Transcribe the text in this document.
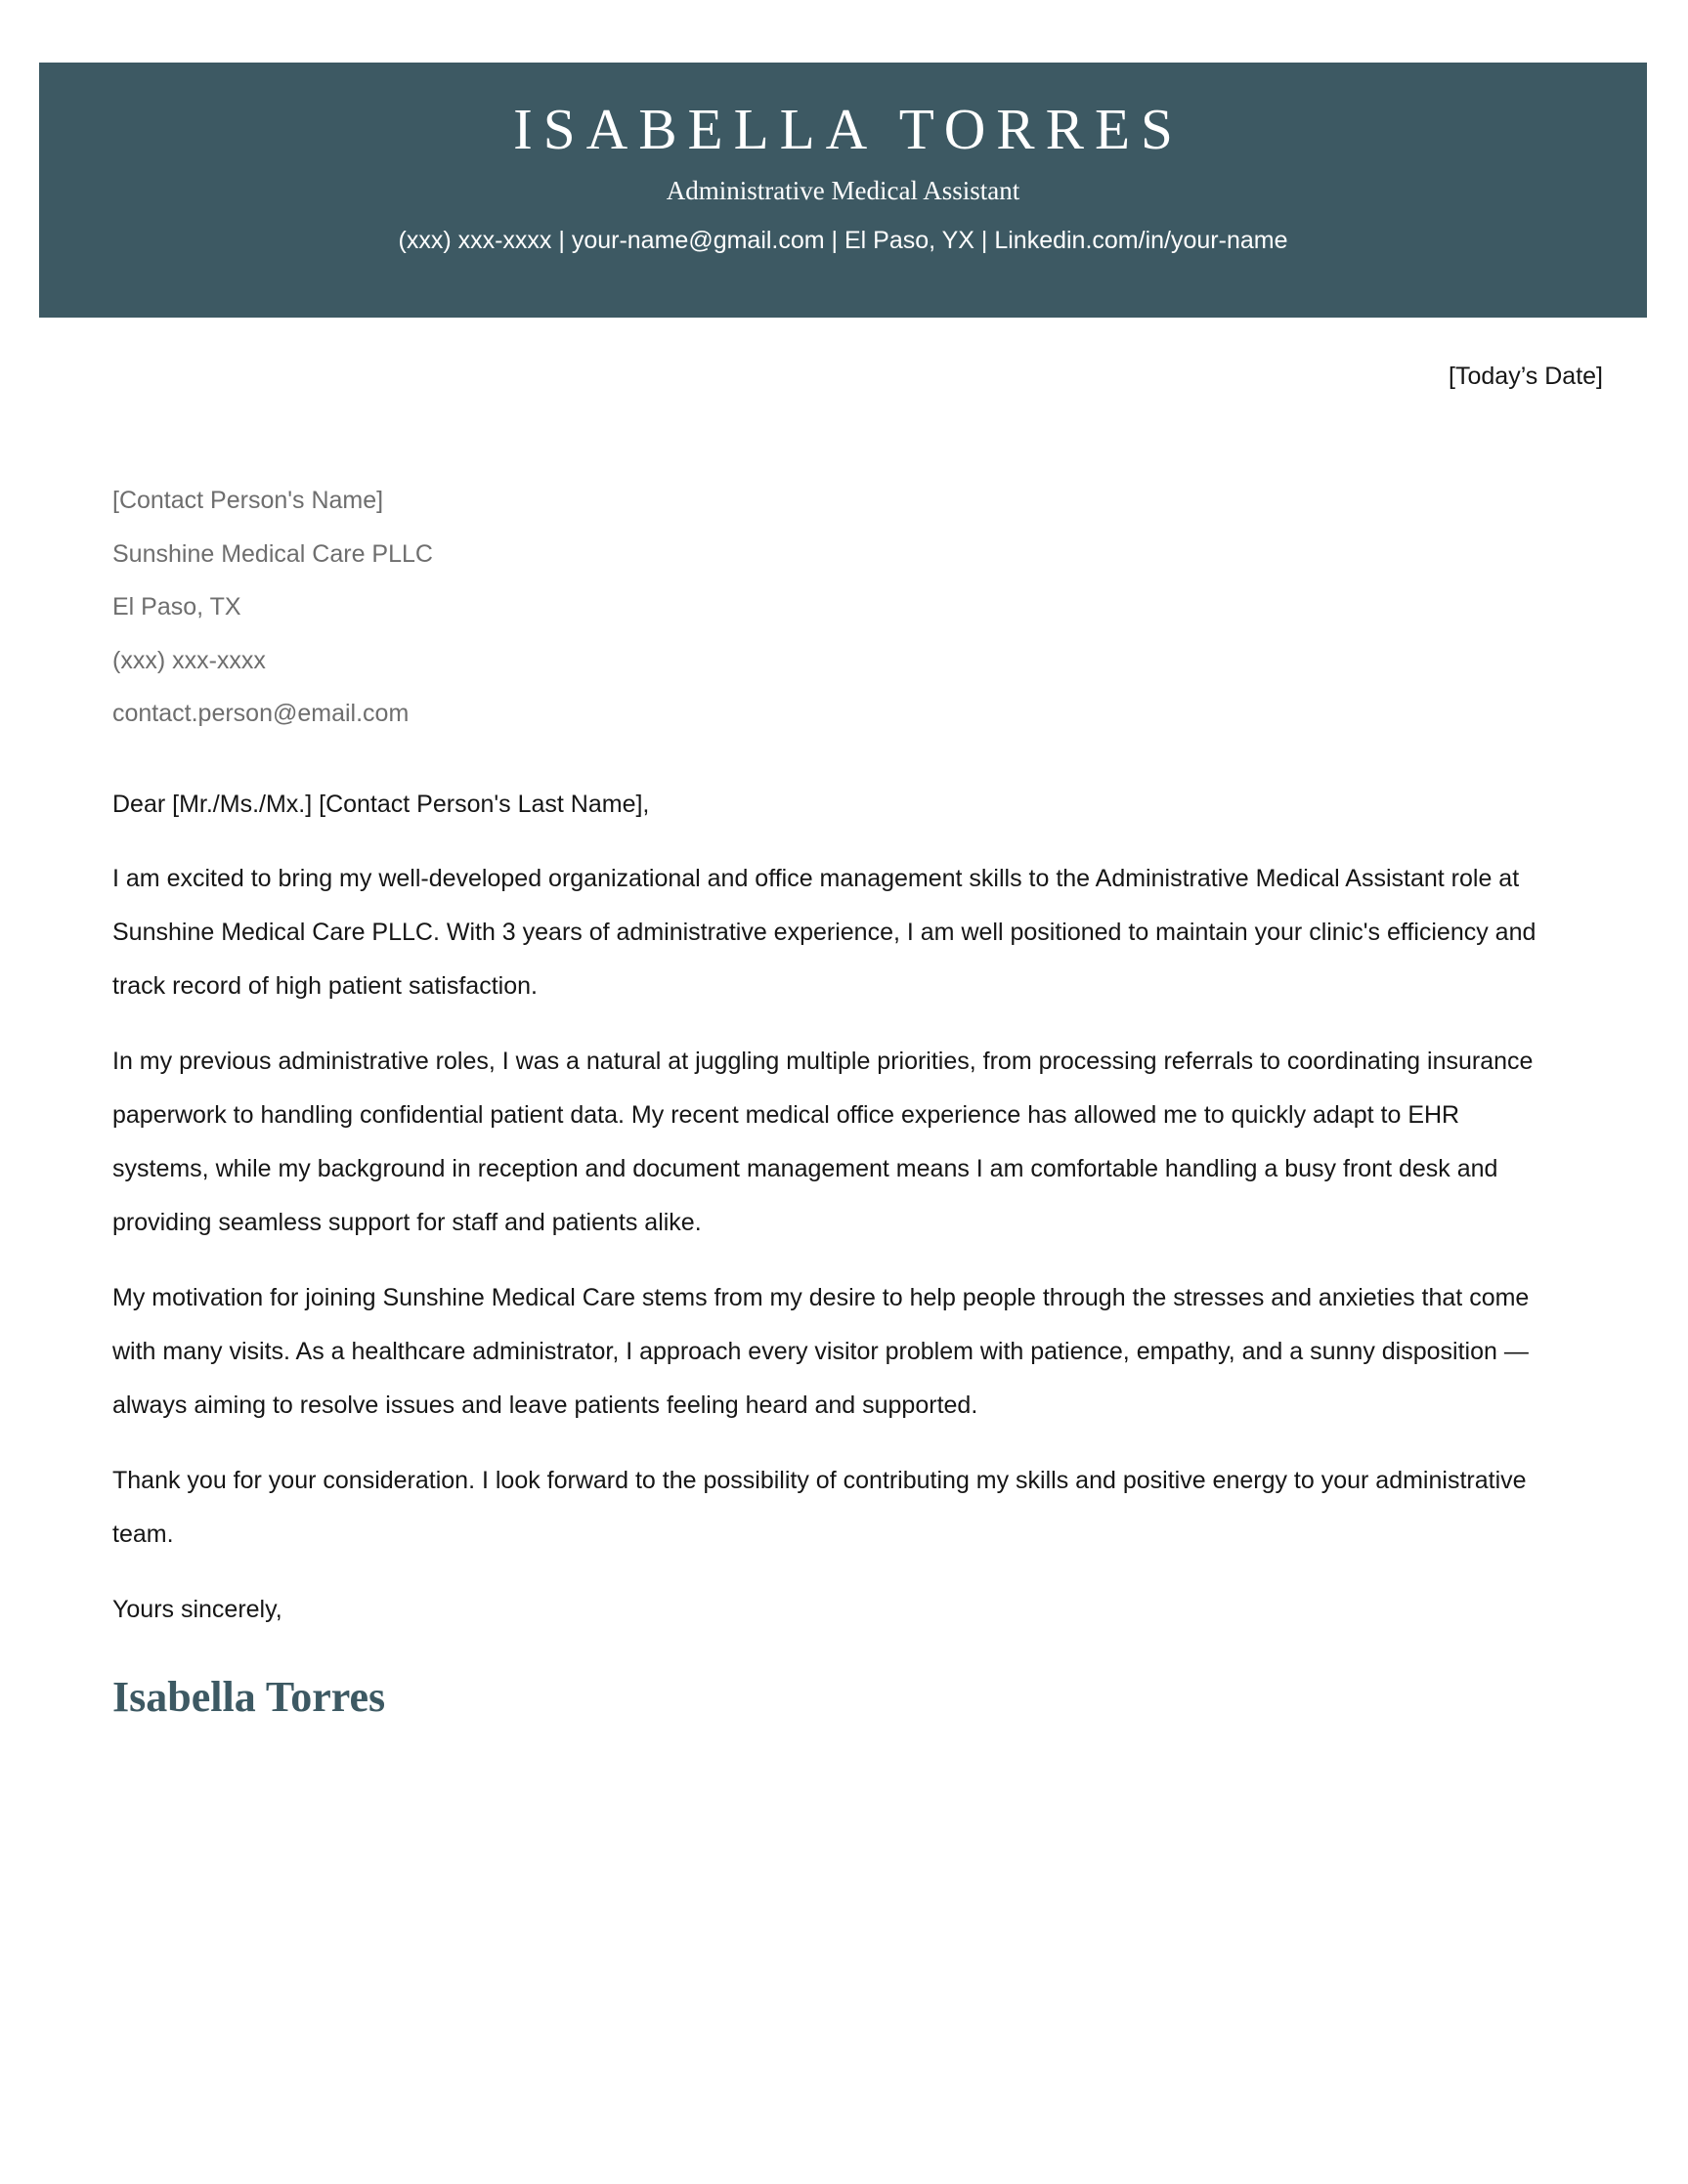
ISABELLA TORRES
Administrative Medical Assistant
(xxx) xxx-xxxx | your-name@gmail.com | El Paso, YX | Linkedin.com/in/your-name
[Today’s Date]
[Contact Person's Name]
Sunshine Medical Care PLLC
El Paso, TX
(xxx) xxx-xxxx
contact.person@email.com
Dear [Mr./Ms./Mx.] [Contact Person's Last Name],
I am excited to bring my well-developed organizational and office management skills to the Administrative Medical Assistant role at Sunshine Medical Care PLLC. With 3 years of administrative experience, I am well positioned to maintain your clinic's efficiency and track record of high patient satisfaction.
In my previous administrative roles, I was a natural at juggling multiple priorities, from processing referrals to coordinating insurance paperwork to handling confidential patient data. My recent medical office experience has allowed me to quickly adapt to EHR systems, while my background in reception and document management means I am comfortable handling a busy front desk and providing seamless support for staff and patients alike.
My motivation for joining Sunshine Medical Care stems from my desire to help people through the stresses and anxieties that come with many visits. As a healthcare administrator, I approach every visitor problem with patience, empathy, and a sunny disposition — always aiming to resolve issues and leave patients feeling heard and supported.
Thank you for your consideration. I look forward to the possibility of contributing my skills and positive energy to your administrative team.
Yours sincerely,
Isabella Torres
